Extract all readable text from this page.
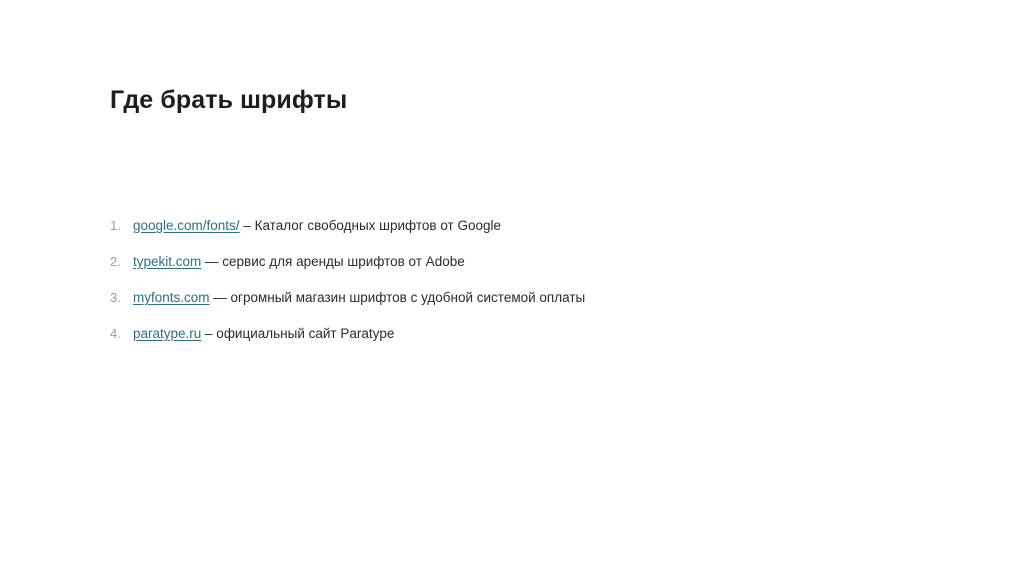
Где брать шрифты
1. google.com/fonts/ – Каталог свободных шрифтов от Google
2. typekit.com — сервис для аренды шрифтов от Adobe
3. myfonts.com — огромный магазин шрифтов с удобной системой оплаты
4. paratype.ru – официальный сайт Paratype
